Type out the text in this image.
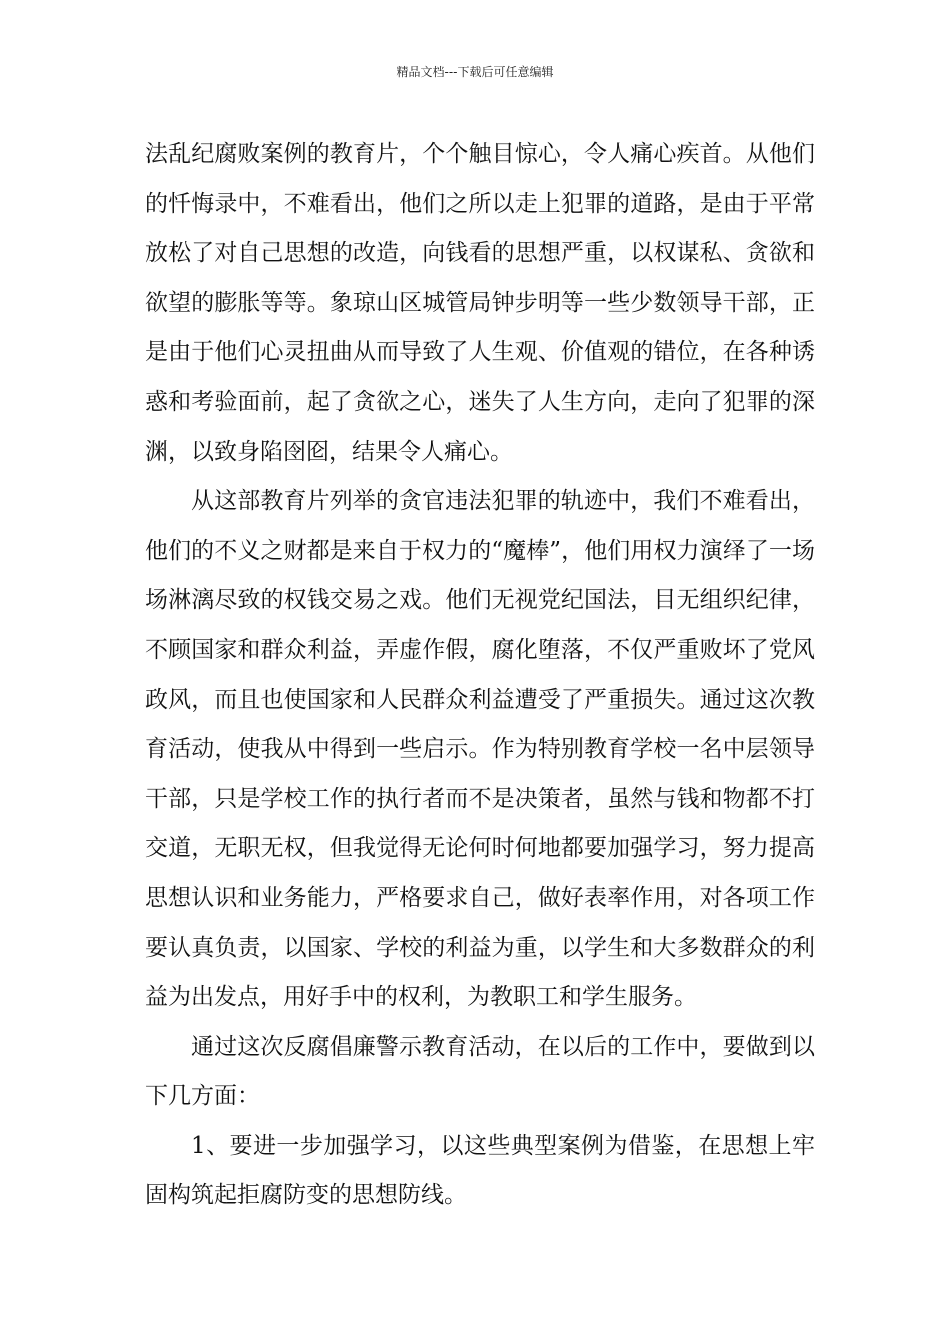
精品文档---下载后可任意编辑

法乱纪腐败案例的教育片，个个触目惊心，令人痛心疾首。从他们的忏悔录中，不难看出，他们之所以走上犯罪的道路，是由于平常放松了对自己思想的改造，向钱看的思想严重，以权谋私、贪欲和欲望的膨胀等等。象琼山区城管局钟步明等一些少数领导干部，正是由于他们心灵扭曲从而导致了人生观、价值观的错位，在各种诱惑和考验面前，起了贪欲之心，迷失了人生方向，走向了犯罪的深渊，以致身陷囹囵，结果令人痛心。

从这部教育片列举的贪官违法犯罪的轨迹中，我们不难看出，他们的不义之财都是来自于权力的“魔棒”，他们用权力演绎了一场场淋漓尽致的权钱交易之戏。他们无视党纪国法，目无组织纪律，不顾国家和群众利益，弄虚作假，腐化堕落，不仅严重败坏了党风政风，而且也使国家和人民群众利益遭受了严重损失。通过这次教育活动，使我从中得到一些启示。作为特别教育学校一名中层领导干部，只是学校工作的执行者而不是决策者，虽然与钱和物都不打交道，无职无权，但我觉得无论何时何地都要加强学习，努力提高思想认识和业务能力，严格要求自己，做好表率作用，对各项工作要认真负责，以国家、学校的利益为重，以学生和大多数群众的利益为出发点，用好手中的权利，为教职工和学生服务。

通过这次反腐倡廉警示教育活动，在以后的工作中，要做到以下几方面：

1、要进一步加强学习，以这些典型案例为借鉴，在思想上牢固构筑起拒腐防变的思想防线。
